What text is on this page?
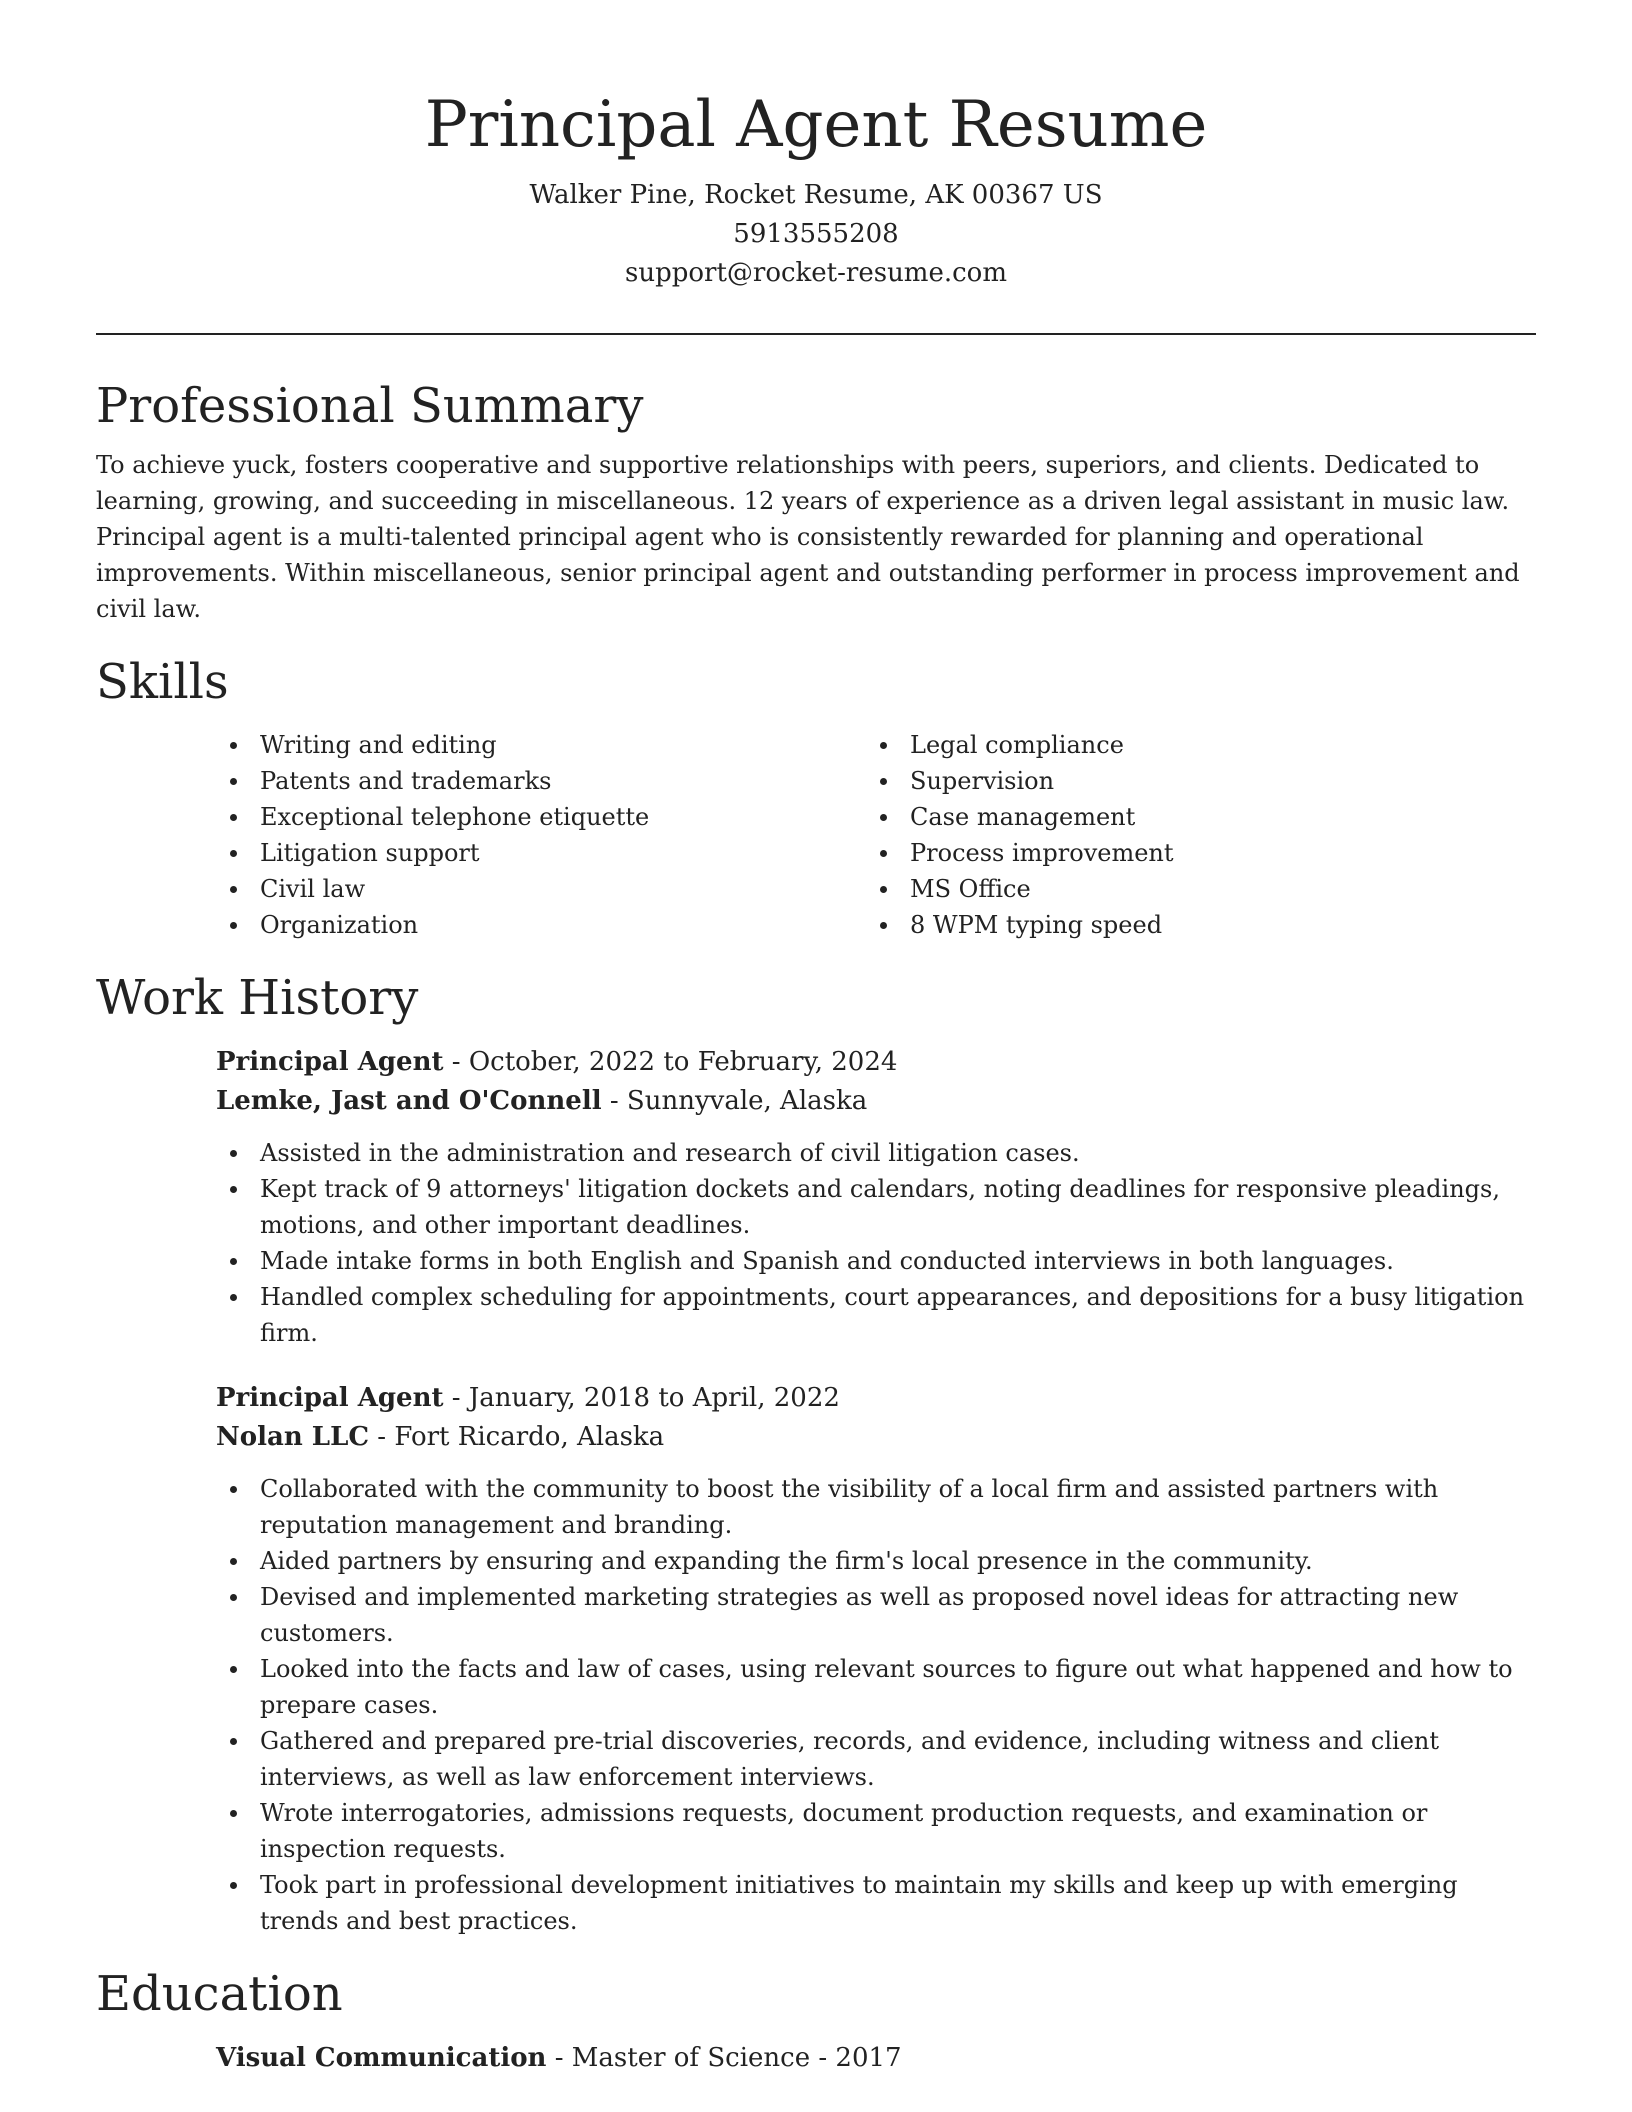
Principal Agent Resume
Walker Pine, Rocket Resume, AK 00367 US
5913555208
support@rocket-resume.com
Professional Summary

To achieve yuck, fosters cooperative and supportive relationships with peers, superiors, and clients. Dedicated to learning, growing, and succeeding in miscellaneous. 12 years of experience as a driven legal assistant in music law. Principal agent is a multi-talented principal agent who is consistently rewarded for planning and operational improvements. Within miscellaneous, senior principal agent and outstanding performer in process improvement and civil law.

Skills
Writing and editing
Patents and trademarks
Exceptional telephone etiquette
Litigation support
Civil law
Organization
Legal compliance
Supervision
Case management
Process improvement
MS Office
8 WPM typing speed
Work History
Principal Agent - October, 2022 to February, 2024
Lemke, Jast and O'Connell - Sunnyvale, Alaska
Assisted in the administration and research of civil litigation cases.
Kept track of 9 attorneys' litigation dockets and calendars, noting deadlines for responsive pleadings, motions, and other important deadlines.
Made intake forms in both English and Spanish and conducted interviews in both languages.
Handled complex scheduling for appointments, court appearances, and depositions for a busy litigation firm.
Principal Agent - January, 2018 to April, 2022
Nolan LLC - Fort Ricardo, Alaska
Collaborated with the community to boost the visibility of a local firm and assisted partners with reputation management and branding.
Aided partners by ensuring and expanding the firm's local presence in the community.
Devised and implemented marketing strategies as well as proposed novel ideas for attracting new customers.
Looked into the facts and law of cases, using relevant sources to figure out what happened and how to prepare cases.
Gathered and prepared pre-trial discoveries, records, and evidence, including witness and client interviews, as well as law enforcement interviews.
Wrote interrogatories, admissions requests, document production requests, and examination or inspection requests.
Took part in professional development initiatives to maintain my skills and keep up with emerging trends and best practices.
Education
Visual Communication - Master of Science - 2017
